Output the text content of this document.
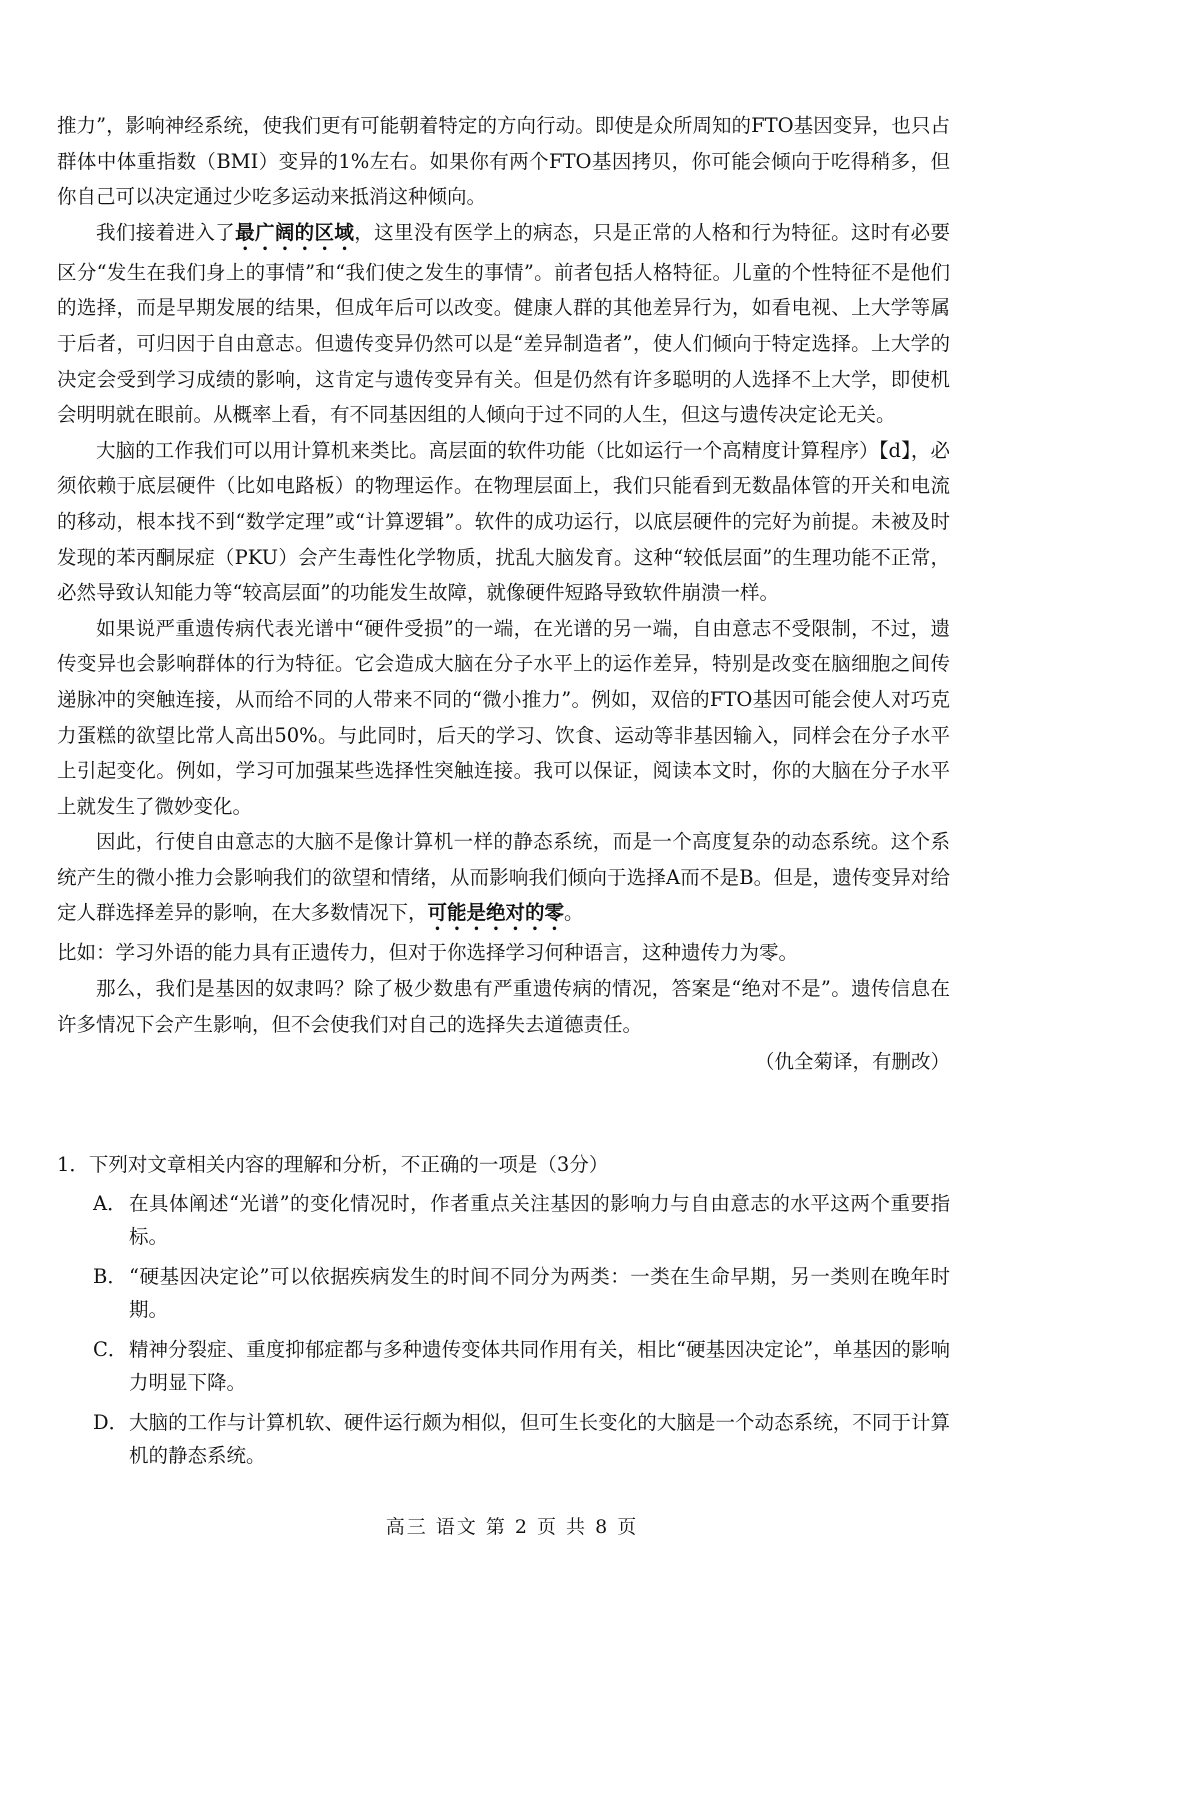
推力”，影响神经系统，使我们更有可能朝着特定的方向行动。即使是众所周知的FTO基因变异，也只占群体中体重指数（BMI）变异的1%左右。如果你有两个FTO基因拷贝，你可能会倾向于吃得稍多，但你自己可以决定通过少吃多运动来抵消这种倾向。

我们接着进入了最广阔的区域，这里没有医学上的病态，只是正常的人格和行为特征。这时有必要区分“发生在我们身上的事情”和“我们使之发生的事情”。前者包括人格特征。儿童的个性特征不是他们的选择，而是早期发展的结果，但成年后可以改变。健康人群的其他差异行为，如看电视、上大学等属于后者，可归因于自由意志。但遗传变异仍然可以是“差异制造者”，使人们倾向于特定选择。上大学的决定会受到学习成绩的影响，这肯定与遗传变异有关。但是仍然有许多聪明的人选择不上大学，即使机会明明就在眼前。从概率上看，有不同基因组的人倾向于过不同的人生，但这与遗传决定论无关。

大脑的工作我们可以用计算机来类比。高层面的软件功能（比如运行一个高精度计算程序）【d】，必须依赖于底层硬件（比如电路板）的物理运作。在物理层面上，我们只能看到无数晶体管的开关和电流的移动，根本找不到“数学定理”或“计算逻辑”。软件的成功运行，以底层硬件的完好为前提。未被及时发现的苯丙酮尿症（PKU）会产生毒性化学物质，扰乱大脑发育。这种“较低层面”的生理功能不正常，必然导致认知能力等“较高层面”的功能发生故障，就像硬件短路导致软件崩溃一样。

如果说严重遗传病代表光谱中“硬件受损”的一端，在光谱的另一端，自由意志不受限制，不过，遗传变异也会影响群体的行为特征。它会造成大脑在分子水平上的运作差异，特别是改变在脑细胞之间传递脉冲的突触连接，从而给不同的人带来不同的“微小推力”。例如，双倍的FTO基因可能会使人对巧克力蛋糕的欲望比常人高出50%。与此同时，后天的学习、饮食、运动等非基因输入，同样会在分子水平上引起变化。例如，学习可加强某些选择性突触连接。我可以保证，阅读本文时，你的大脑在分子水平上就发生了微妙变化。

因此，行使自由意志的大脑不是像计算机一样的静态系统，而是一个高度复杂的动态系统。这个系统产生的微小推力会影响我们的欲望和情绪，从而影响我们倾向于选择A而不是B。但是，遗传变异对给定人群选择差异的影响，在大多数情况下，可能是绝对的零。

比如：学习外语的能力具有正遗传力，但对于你选择学习何种语言，这种遗传力为零。

那么，我们是基因的奴隶吗？除了极少数患有严重遗传病的情况，答案是“绝对不是”。遗传信息在许多情况下会产生影响，但不会使我们对自己的选择失去道德责任。

（仇全菊译，有删改）

1．下列对文章相关内容的理解和分析，不正确的一项是（3分）

A． 在具体阐述“光谱”的变化情况时，作者重点关注基因的影响力与自由意志的水平这两个重要指标。
B． “硬基因决定论”可以依据疾病发生的时间不同分为两类：一类在生命早期，另一类则在晚年时期。
C． 精神分裂症、重度抑郁症都与多种遗传变体共同作用有关，相比“硬基因决定论”，单基因的影响力明显下降。
D． 大脑的工作与计算机软、硬件运行颇为相似，但可生长变化的大脑是一个动态系统，不同于计算机的静态系统。
高三 语文 第 2 页 共 8 页
